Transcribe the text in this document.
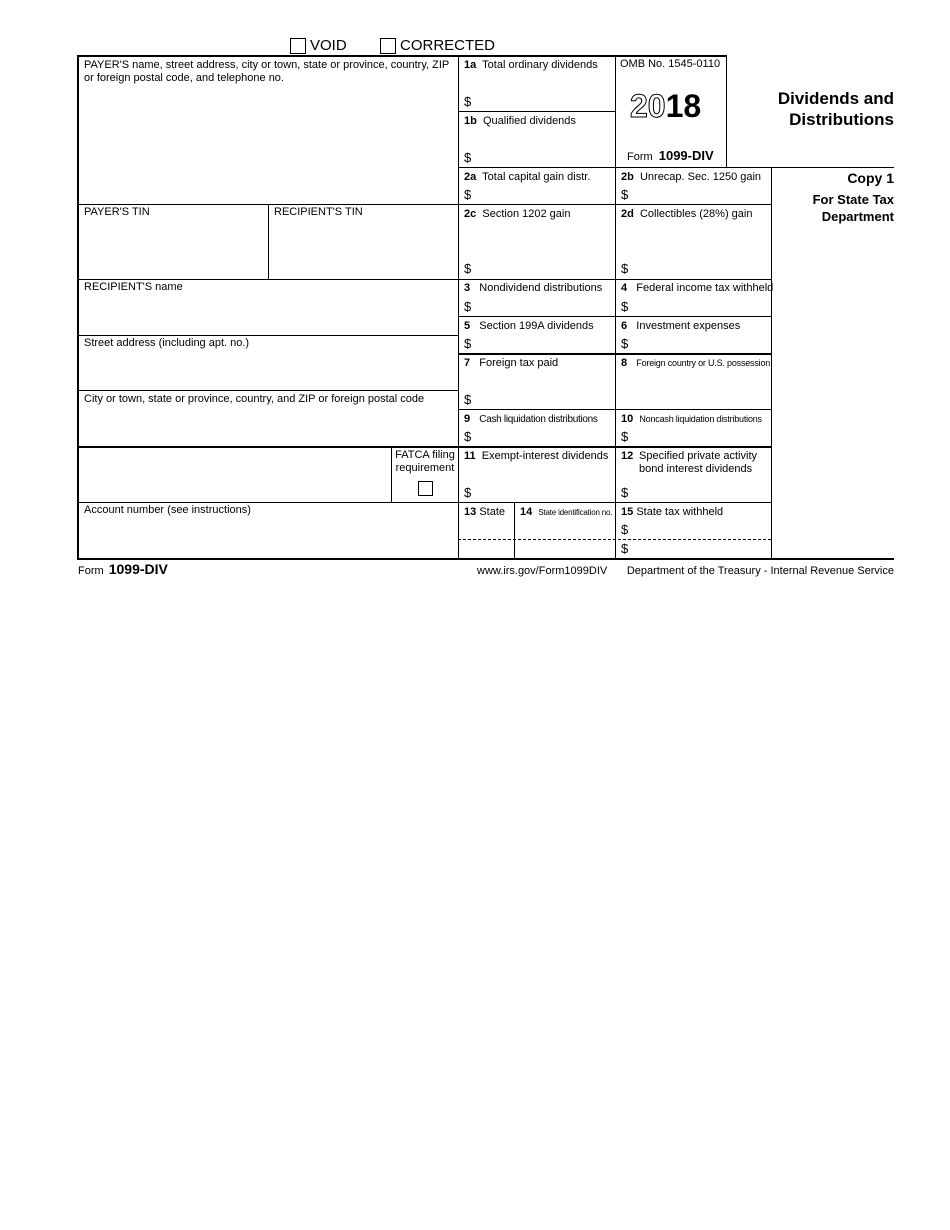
VOID	CORRECTED
PAYER'S name, street address, city or town, state or province, country, ZIP or foreign postal code, and telephone no.
PAYER'S TIN	RECIPIENT'S TIN
RECIPIENT'S name
Street address (including apt. no.)
City or town, state or province, country, and ZIP or foreign postal code
FATCA filing requirement
Account number (see instructions)
OMB No. 1545-0110
2018
Form 1099-DIV
Dividends and
Distributions
Copy 1
For State Tax
Department
1a Total ordinary dividends
$
1b Qualified dividends
$
2a Total capital gain distr.
$
2b Unrecap. Sec. 1250 gain
$
2c Section 1202 gain
$
2d Collectibles (28%) gain
$
3 Nondividend distributions
$
4 Federal income tax withheld
$
5 Section 199A dividends
$
6 Investment expenses
$
7 Foreign tax paid
$
8 Foreign country or U.S. possession
9 Cash liquidation distributions
$
10 Noncash liquidation distributions
$
11 Exempt-interest dividends
$
12 Specified private activity bond interest dividends
$
13 State 14 State identification no. 15 State tax withheld
$
$
Form 1099-DIV	www.irs.gov/Form1099DIV	Department of the Treasury - Internal Revenue Service
